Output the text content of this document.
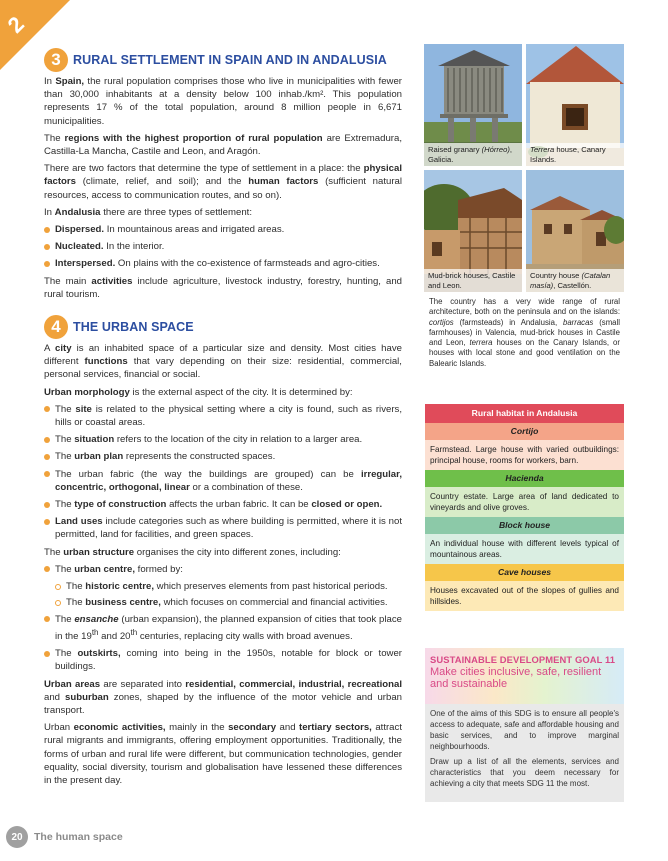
2
3 RURAL SETTLEMENT IN SPAIN AND IN ANDALUSIA

In Spain, the rural population comprises those who live in municipalities with fewer than 30,000 inhabitants at a density below 100 inhab./km². This population represents 17 % of the total population, around 8 million people in 6,671 municipalities.

The regions with the highest proportion of rural population are Extremadura, Castilla-La Mancha, Castile and Leon, and Aragón.

There are two factors that determine the type of settlement in a place: the physical factors (climate, relief, and soil); and the human factors (sufficient natural resources, access to communication routes, and so on).

In Andalusia there are three types of settlement:

Dispersed. In mountainous areas and irrigated areas.
Nucleated. In the interior.
Interspersed. On plains with the co-existence of farmsteads and agro-cities.

The main activities include agriculture, livestock industry, forestry, hunting, and rural tourism.

4 THE URBAN SPACE

A city is an inhabited space of a particular size and density. Most cities have different functions that vary depending on their size: residential, commercial, personal services, financial or social.

Urban morphology is the external aspect of the city. It is determined by:

The site is related to the physical setting where a city is found, such as rivers, hills or coastal areas.
The situation refers to the location of the city in relation to a larger area.
The urban plan represents the constructed spaces.
The urban fabric (the way the buildings are grouped) can be irregular, concentric, orthogonal, linear or a combination of these.
The type of construction affects the urban fabric. It can be closed or open.
Land uses include categories such as where building is permitted, where it is not permitted, land for facilities, and green spaces.

The urban structure organises the city into different zones, including:

The urban centre, formed by:
The historic centre, which preserves elements from past historical periods.
The business centre, which focuses on commercial and financial activities.
The ensanche (urban expansion), the planned expansion of cities that took place in the 19th and 20th centuries, replacing city walls with broad avenues.
The outskirts, coming into being in the 1950s, notable for block or tower buildings.

Urban areas are separated into residential, commercial, industrial, recreational and suburban zones, shaped by the influence of the motor vehicle and urban transport.

Urban economic activities, mainly in the secondary and tertiary sectors, attract rural migrants and immigrants, offering employment opportunities. Traditionally, the forms of urban and rural life were different, but communication technologies, gender equality, social diversity, tourism and globalisation have lessened these differences in the present day.

Raised granary (Hórreo), Galicia.
Terrera house, Canary Islands.
Mud-brick houses, Castile and Leon.
Country house (Catalan masía), Castellón.

The country has a very wide range of rural architecture, both on the peninsula and on the islands: cortijos (farmsteads) in Andalusia, barracas (small farmhouses) in Valencia, mud-brick houses in Castile and Leon, terrera houses on the Canary Islands, or houses with local stone and good ventilation on the Balearic Islands.

Rural habitat in Andalusia
Cortijo
Farmstead. Large house with varied outbuildings: principal house, rooms for workers, barn.
Hacienda
Country estate. Large area of land dedicated to vineyards and olive groves.
Block house
An individual house with different levels typical of mountainous areas.
Cave houses
Houses excavated out of the slopes of gullies and hillsides.
SUSTAINABLE DEVELOPMENT GOAL 11
Make cities inclusive, safe, resilient and sustainable

One of the aims of this SDG is to ensure all people's access to adequate, safe and affordable housing and basic services, and to improve marginal neighbourhoods.

Draw up a list of all the elements, services and characteristics that you deem necessary for achieving a city that meets SDG 11 the most.

20	The human space
